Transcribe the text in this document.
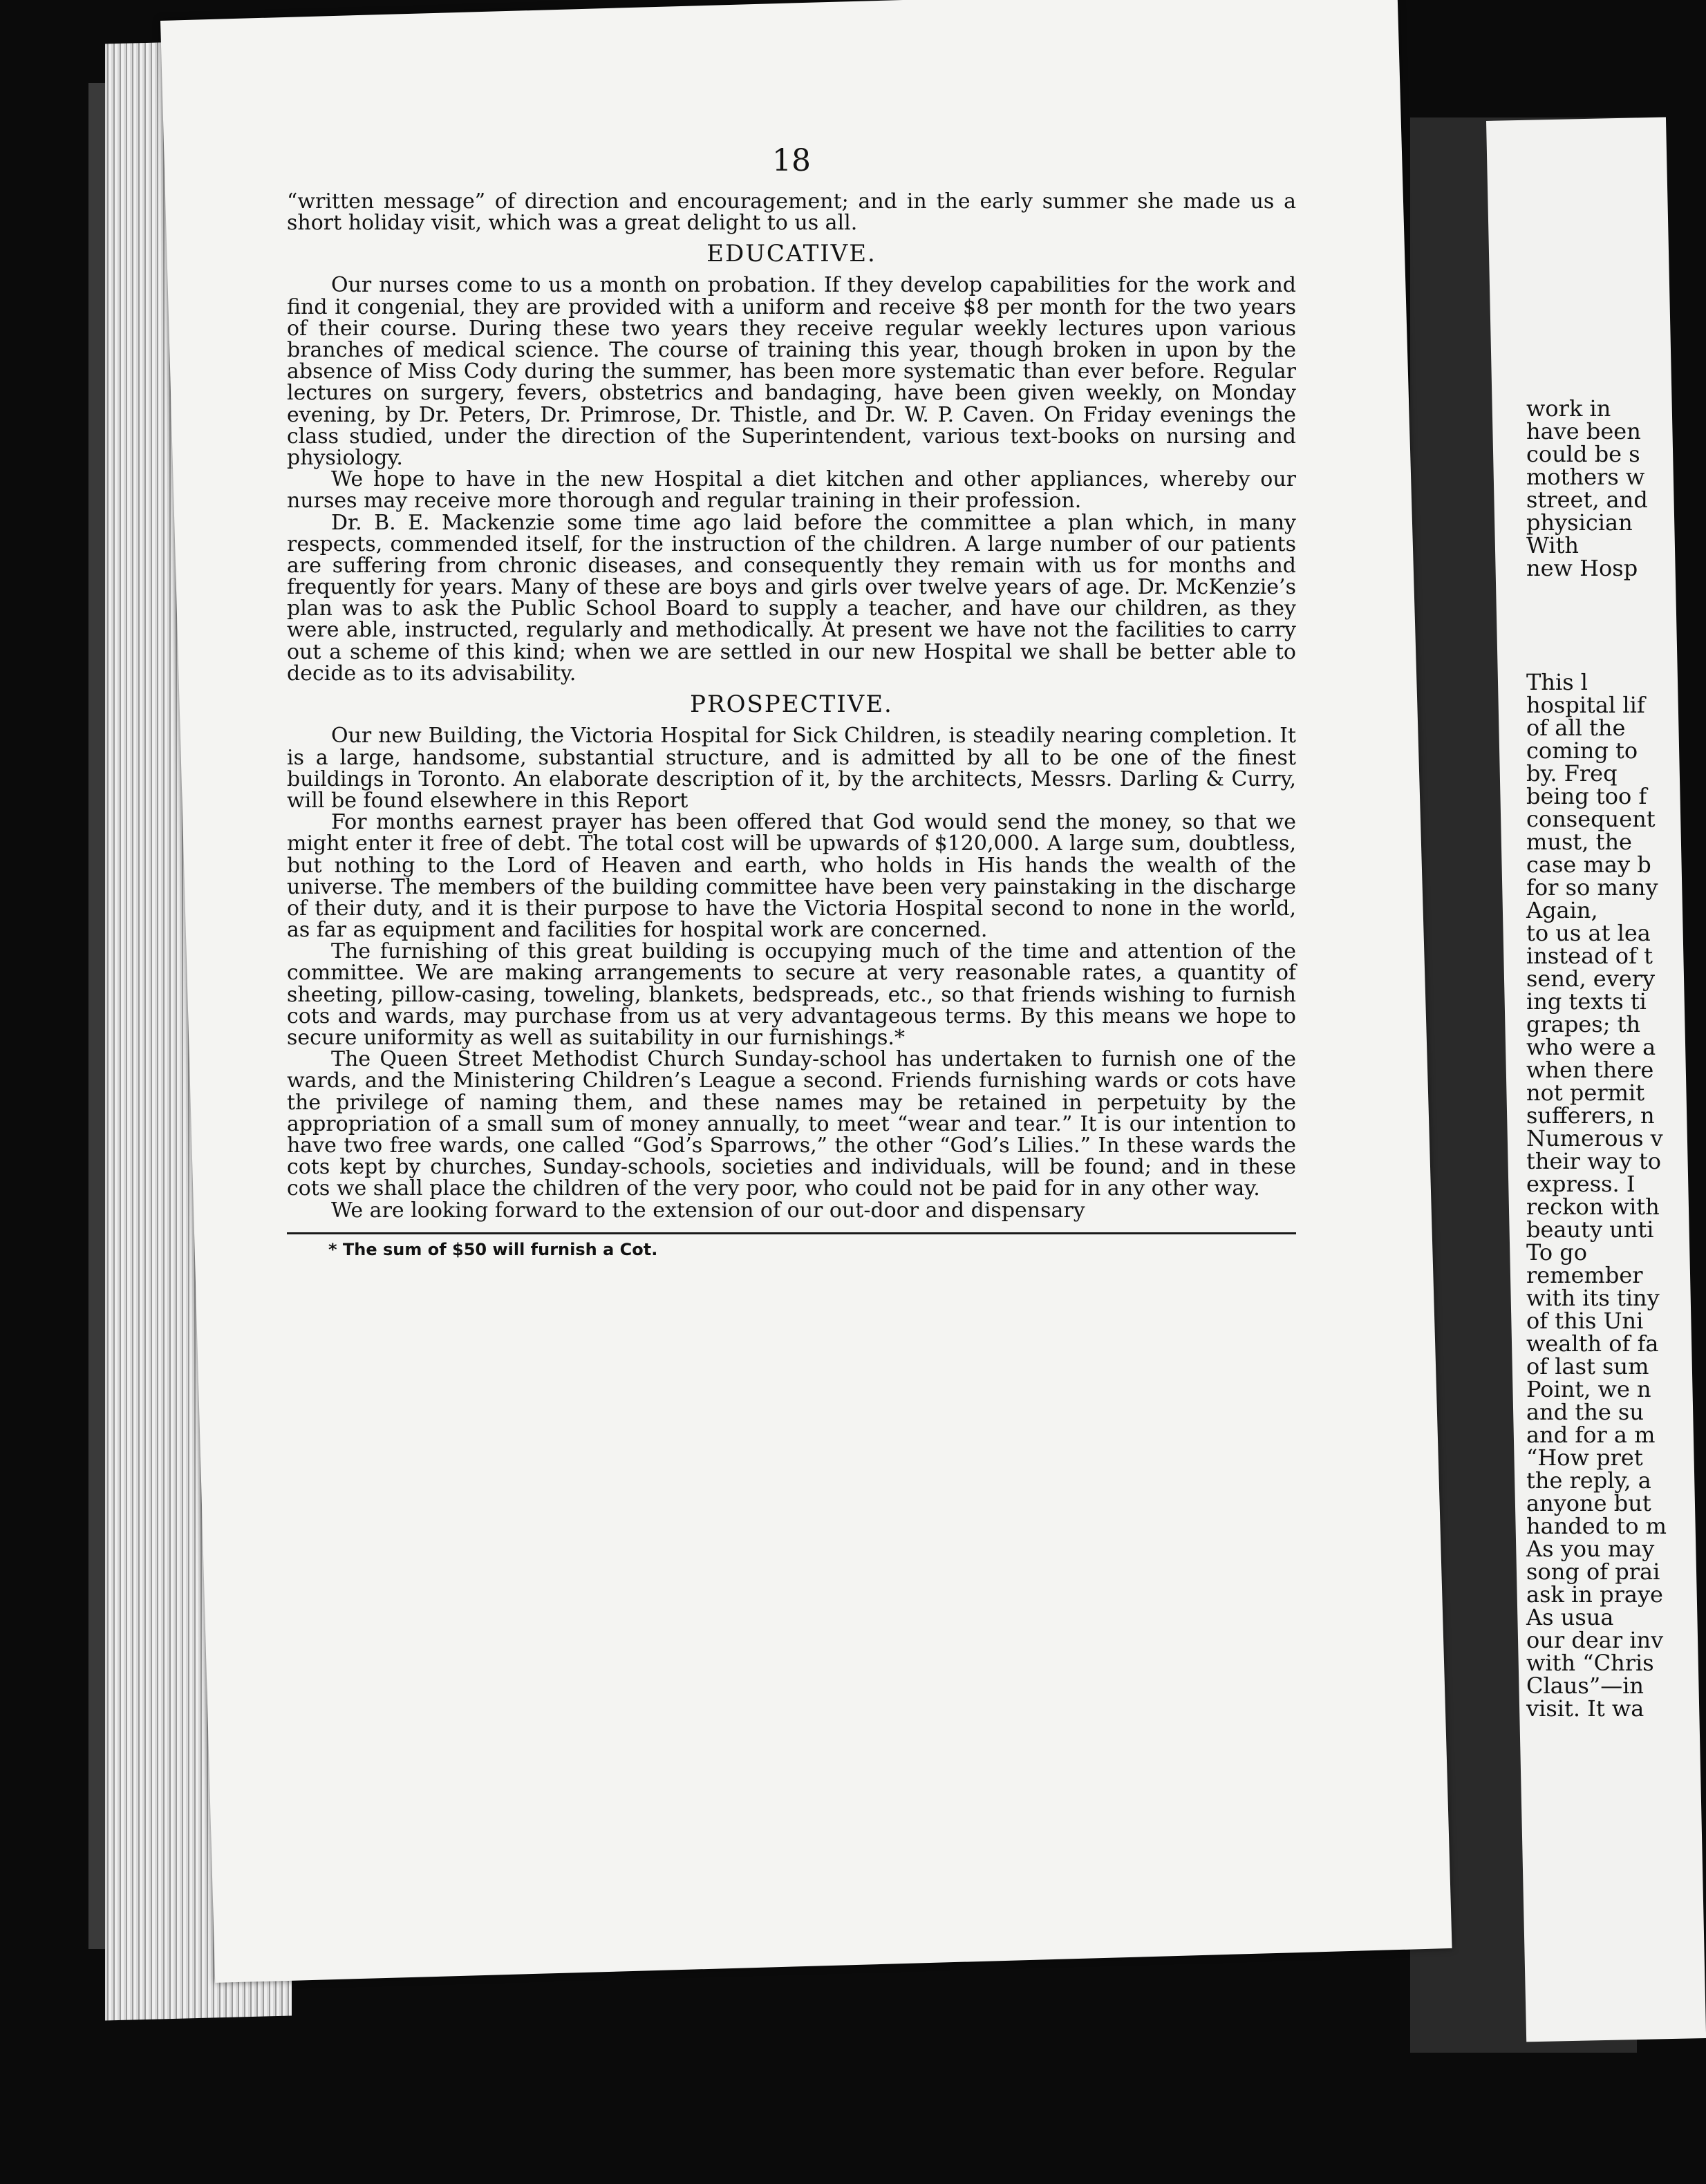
18

“written message” of direction and encouragement; and in the early summer she made us a short holiday visit, which was a great delight to us all.

EDUCATIVE.

Our nurses come to us a month on probation. If they develop capabilities for the work and find it congenial, they are provided with a uniform and receive $8 per month for the two years of their course. During these two years they receive regular weekly lectures upon various branches of medical science. The course of training this year, though broken in upon by the absence of Miss Cody during the summer, has been more systematic than ever before. Regular lectures on surgery, fevers, obstetrics and bandaging, have been given weekly, on Monday evening, by Dr. Peters, Dr. Primrose, Dr. Thistle, and Dr. W. P. Caven. On Friday evenings the class studied, under the direction of the Superintendent, various text-books on nursing and physiology.

We hope to have in the new Hospital a diet kitchen and other appliances, whereby our nurses may receive more thorough and regular training in their profession.

Dr. B. E. Mackenzie some time ago laid before the committee a plan which, in many respects, commended itself, for the instruction of the children. A large number of our patients are suffering from chronic diseases, and consequently they remain with us for months and frequently for years. Many of these are boys and girls over twelve years of age. Dr. McKenzie’s plan was to ask the Public School Board to supply a teacher, and have our children, as they were able, instructed, regularly and methodically. At present we have not the facilities to carry out a scheme of this kind; when we are settled in our new Hospital we shall be better able to decide as to its advisability.

PROSPECTIVE.

Our new Building, the Victoria Hospital for Sick Children, is steadily nearing completion. It is a large, handsome, substantial structure, and is admitted by all to be one of the finest buildings in Toronto. An elaborate description of it, by the architects, Messrs. Darling & Curry, will be found elsewhere in this Report

For months earnest prayer has been offered that God would send the money, so that we might enter it free of debt. The total cost will be upwards of $120,000. A large sum, doubtless, but nothing to the Lord of Heaven and earth, who holds in His hands the wealth of the universe. The members of the building committee have been very painstaking in the discharge of their duty, and it is their purpose to have the Victoria Hospital second to none in the world, as far as equipment and facilities for hospital work are concerned.

The furnishing of this great building is occupying much of the time and attention of the committee. We are making arrangements to secure at very reasonable rates, a quantity of sheeting, pillow-casing, toweling, blankets, bedspreads, etc., so that friends wishing to furnish cots and wards, may purchase from us at very advantageous terms. By this means we hope to secure uniformity as well as suitability in our furnishings.*

The Queen Street Methodist Church Sunday-school has undertaken to furnish one of the wards, and the Ministering Children’s League a second. Friends furnishing wards or cots have the privilege of naming them, and these names may be retained in perpetuity by the appropriation of a small sum of money annually, to meet “wear and tear.” It is our intention to have two free wards, one called “God’s Sparrows,” the other “God’s Lilies.” In these wards the cots kept by churches, Sunday-schools, societies and individuals, will be found; and in these cots we shall place the children of the very poor, who could not be paid for in any other way.

We are looking forward to the extension of our out-door and dispensary

* The sum of $50 will furnish a Cot.
work in
have been
could be s
mothers w
street, and
physician
With
new Hosp
This l
hospital lif
of all the
coming to
by. Freq
being too f
consequent
must, the
case may b
for so many
Again,
to us at lea
instead of t
send, every
ing texts ti
grapes; th
who were a
when there
not permit
sufferers, n
Numerous v
their way to
express. I
reckon with
beauty unti
To go
remember
with its tiny
of this Uni
wealth of fa
of last sum
Point, we n
and the su
and for a m
“How pret
the reply, a
anyone but
handed to m
As you may
song of prai
ask in praye
As usua
our dear inv
with “Chris
Claus”—in
visit. It wa
